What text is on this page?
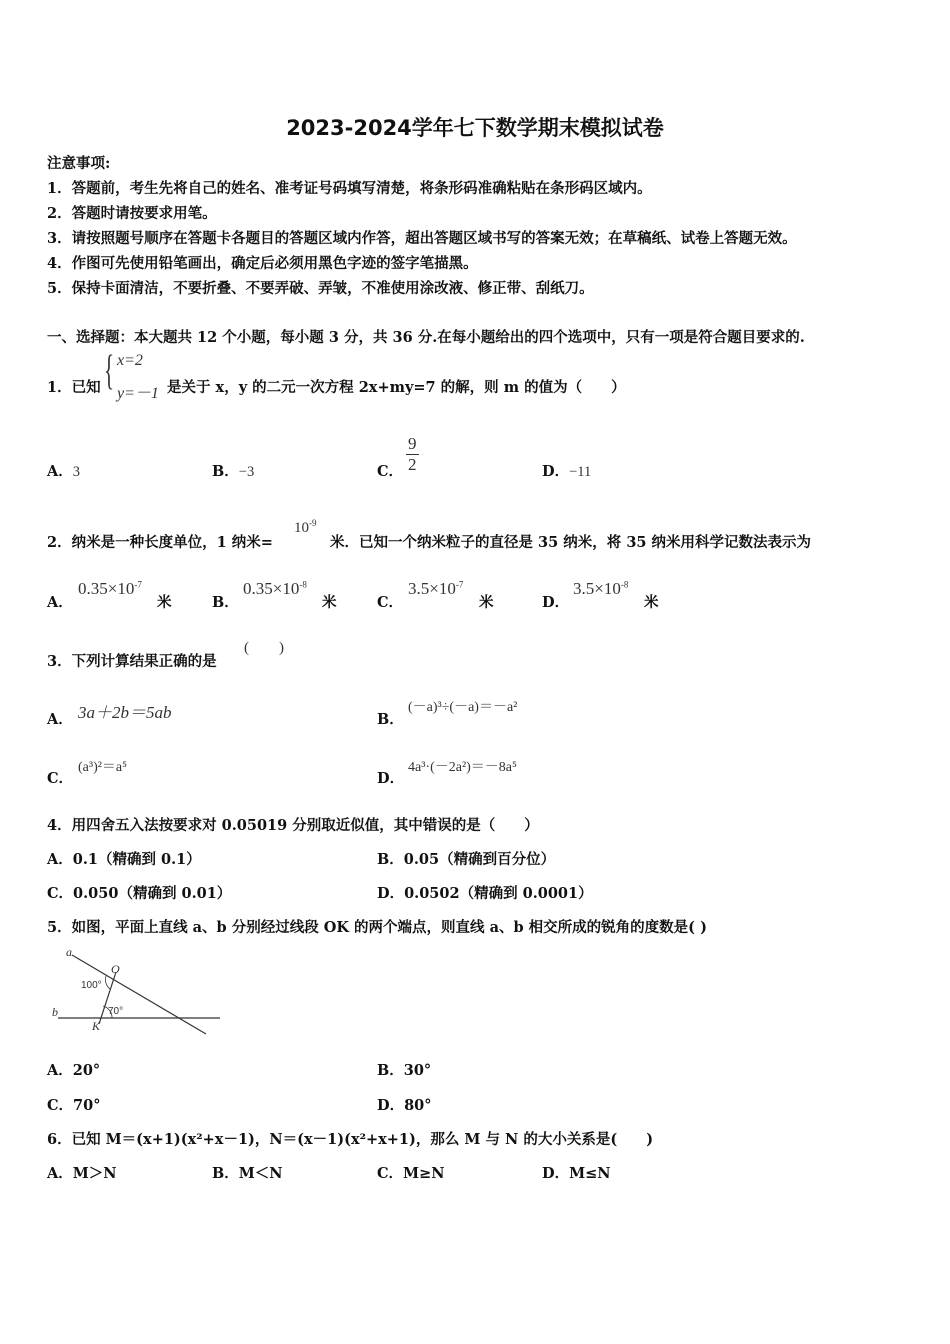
2023-2024学年七下数学期末模拟试卷
注意事项:
1．答题前，考生先将自己的姓名、准考证号码填写清楚，将条形码准确粘贴在条形码区域内。
2．答题时请按要求用笔。
3．请按照题号顺序在答题卡各题目的答题区域内作答，超出答题区域书写的答案无效；在草稿纸、试卷上答题无效。
4．作图可先使用铅笔画出，确定后必须用黑色字迹的签字笔描黑。
5．保持卡面清洁，不要折叠、不要弄破、弄皱，不准使用涂改液、修正带、刮纸刀。
一、选择题：本大题共 12 个小题，每小题 3 分，共 36 分.在每小题给出的四个选项中，只有一项是符合题目要求的.
1．已知 { x=2
y=－1 是关于 x，y 的二元一次方程 2x+my=7 的解，则 m 的值为（　　）
A．3	B．−3	C． $\frac{9}{2}$	D．−11
2．纳米是一种长度单位，1 纳米=
$10^{-9}$
米．已知一个纳米粒子的直径是 35 纳米，将 35 纳米用科学记数法表示为
A．
$0.35\times 10^{-7}$
米	B．
$0.35\times 10^{-8}$
米	C．
$3.5\times 10^{-7}$
米	D．
$3.5\times 10^{-8}$
米
3．下列计算结果正确的是
(　　)
A． 3a＋2b＝5ab	B．
(－a)³÷(－a)＝－a²
C．
(a³)²＝a⁵
D．
4a³·(－2a²)＝－8a⁵
4．用四舍五入法按要求对 0.05019 分别取近似值，其中错误的是（　　）
A．0.1（精确到 0.1）	B．0.05（精确到百分位）
C．0.050（精确到 0.01）	D．0.0502（精确到 0.0001）
5．如图，平面上直线 a、b 分别经过线段 OK 的两个端点，则直线 a、b 相交所成的锐角的度数是( )
a
b
O
K
100°
70°
A．20°	B．30°
C．70°	D．80°
6．已知 M＝(x+1)(x²+x－1)，N＝(x－1)(x²+x+1)，那么 M 与 N 的大小关系是(　　)
A．M＞N	B．M＜N	C．M≥N	D．M≤N
